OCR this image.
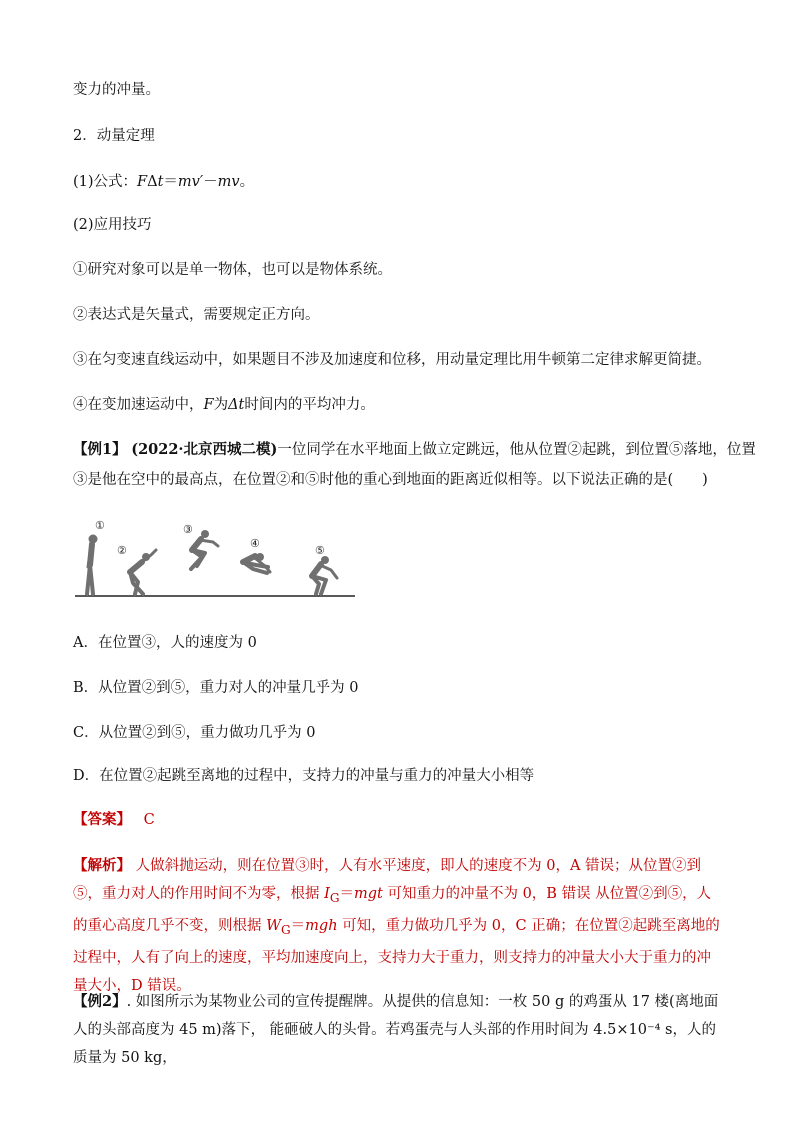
变力的冲量。
2．动量定理
(1)公式：FΔt＝mv′－mv。
(2)应用技巧
①研究对象可以是单一物体，也可以是物体系统。
②表达式是矢量式，需要规定正方向。
③在匀变速直线运动中，如果题目不涉及加速度和位移，用动量定理比用牛顿第二定律求解更简捷。
④在变加速运动中，F为Δt时间内的平均冲力。
【例1】 (2022·北京西城二模)一位同学在水平地面上做立定跳远，他从位置②起跳，到位置⑤落地，位置
③是他在空中的最高点，在位置②和⑤时他的重心到地面的距离近似相等。以下说法正确的是(　　)
①
②
③
④
⑤
A．在位置③，人的速度为 0
B．从位置②到⑤，重力对人的冲量几乎为 0
C．从位置②到⑤，重力做功几乎为 0
D．在位置②起跳至离地的过程中，支持力的冲量与重力的冲量大小相等
【答案】 C
【解析】 人做斜抛运动，则在位置③时，人有水平速度，即人的速度不为 0，A 错误；从位置②到⑤，重力对人的作用时间不为零，根据 $I_G=mgt$ 可知重力的冲量不为 0，B 错误 从位置②到⑤，人的重心高度几乎不变，则根据 $W_G=mgh$ 可知，重力做功几乎为 0，C 正确；在位置②起跳至离地的过程中，人有了向上的速度，平均加速度向上，支持力大于重力，则支持力的冲量大小大于重力的冲量大小，D 错误。
【例2】. 如图所示为某物业公司的宣传提醒牌。从提供的信息知：一枚 50 g 的鸡蛋从 17 楼(离地面人的头部高度为 45 m)落下， 能砸破人的头骨。若鸡蛋壳与人头部的作用时间为 4.5×10⁻⁴ s，人的质量为 50 kg，
